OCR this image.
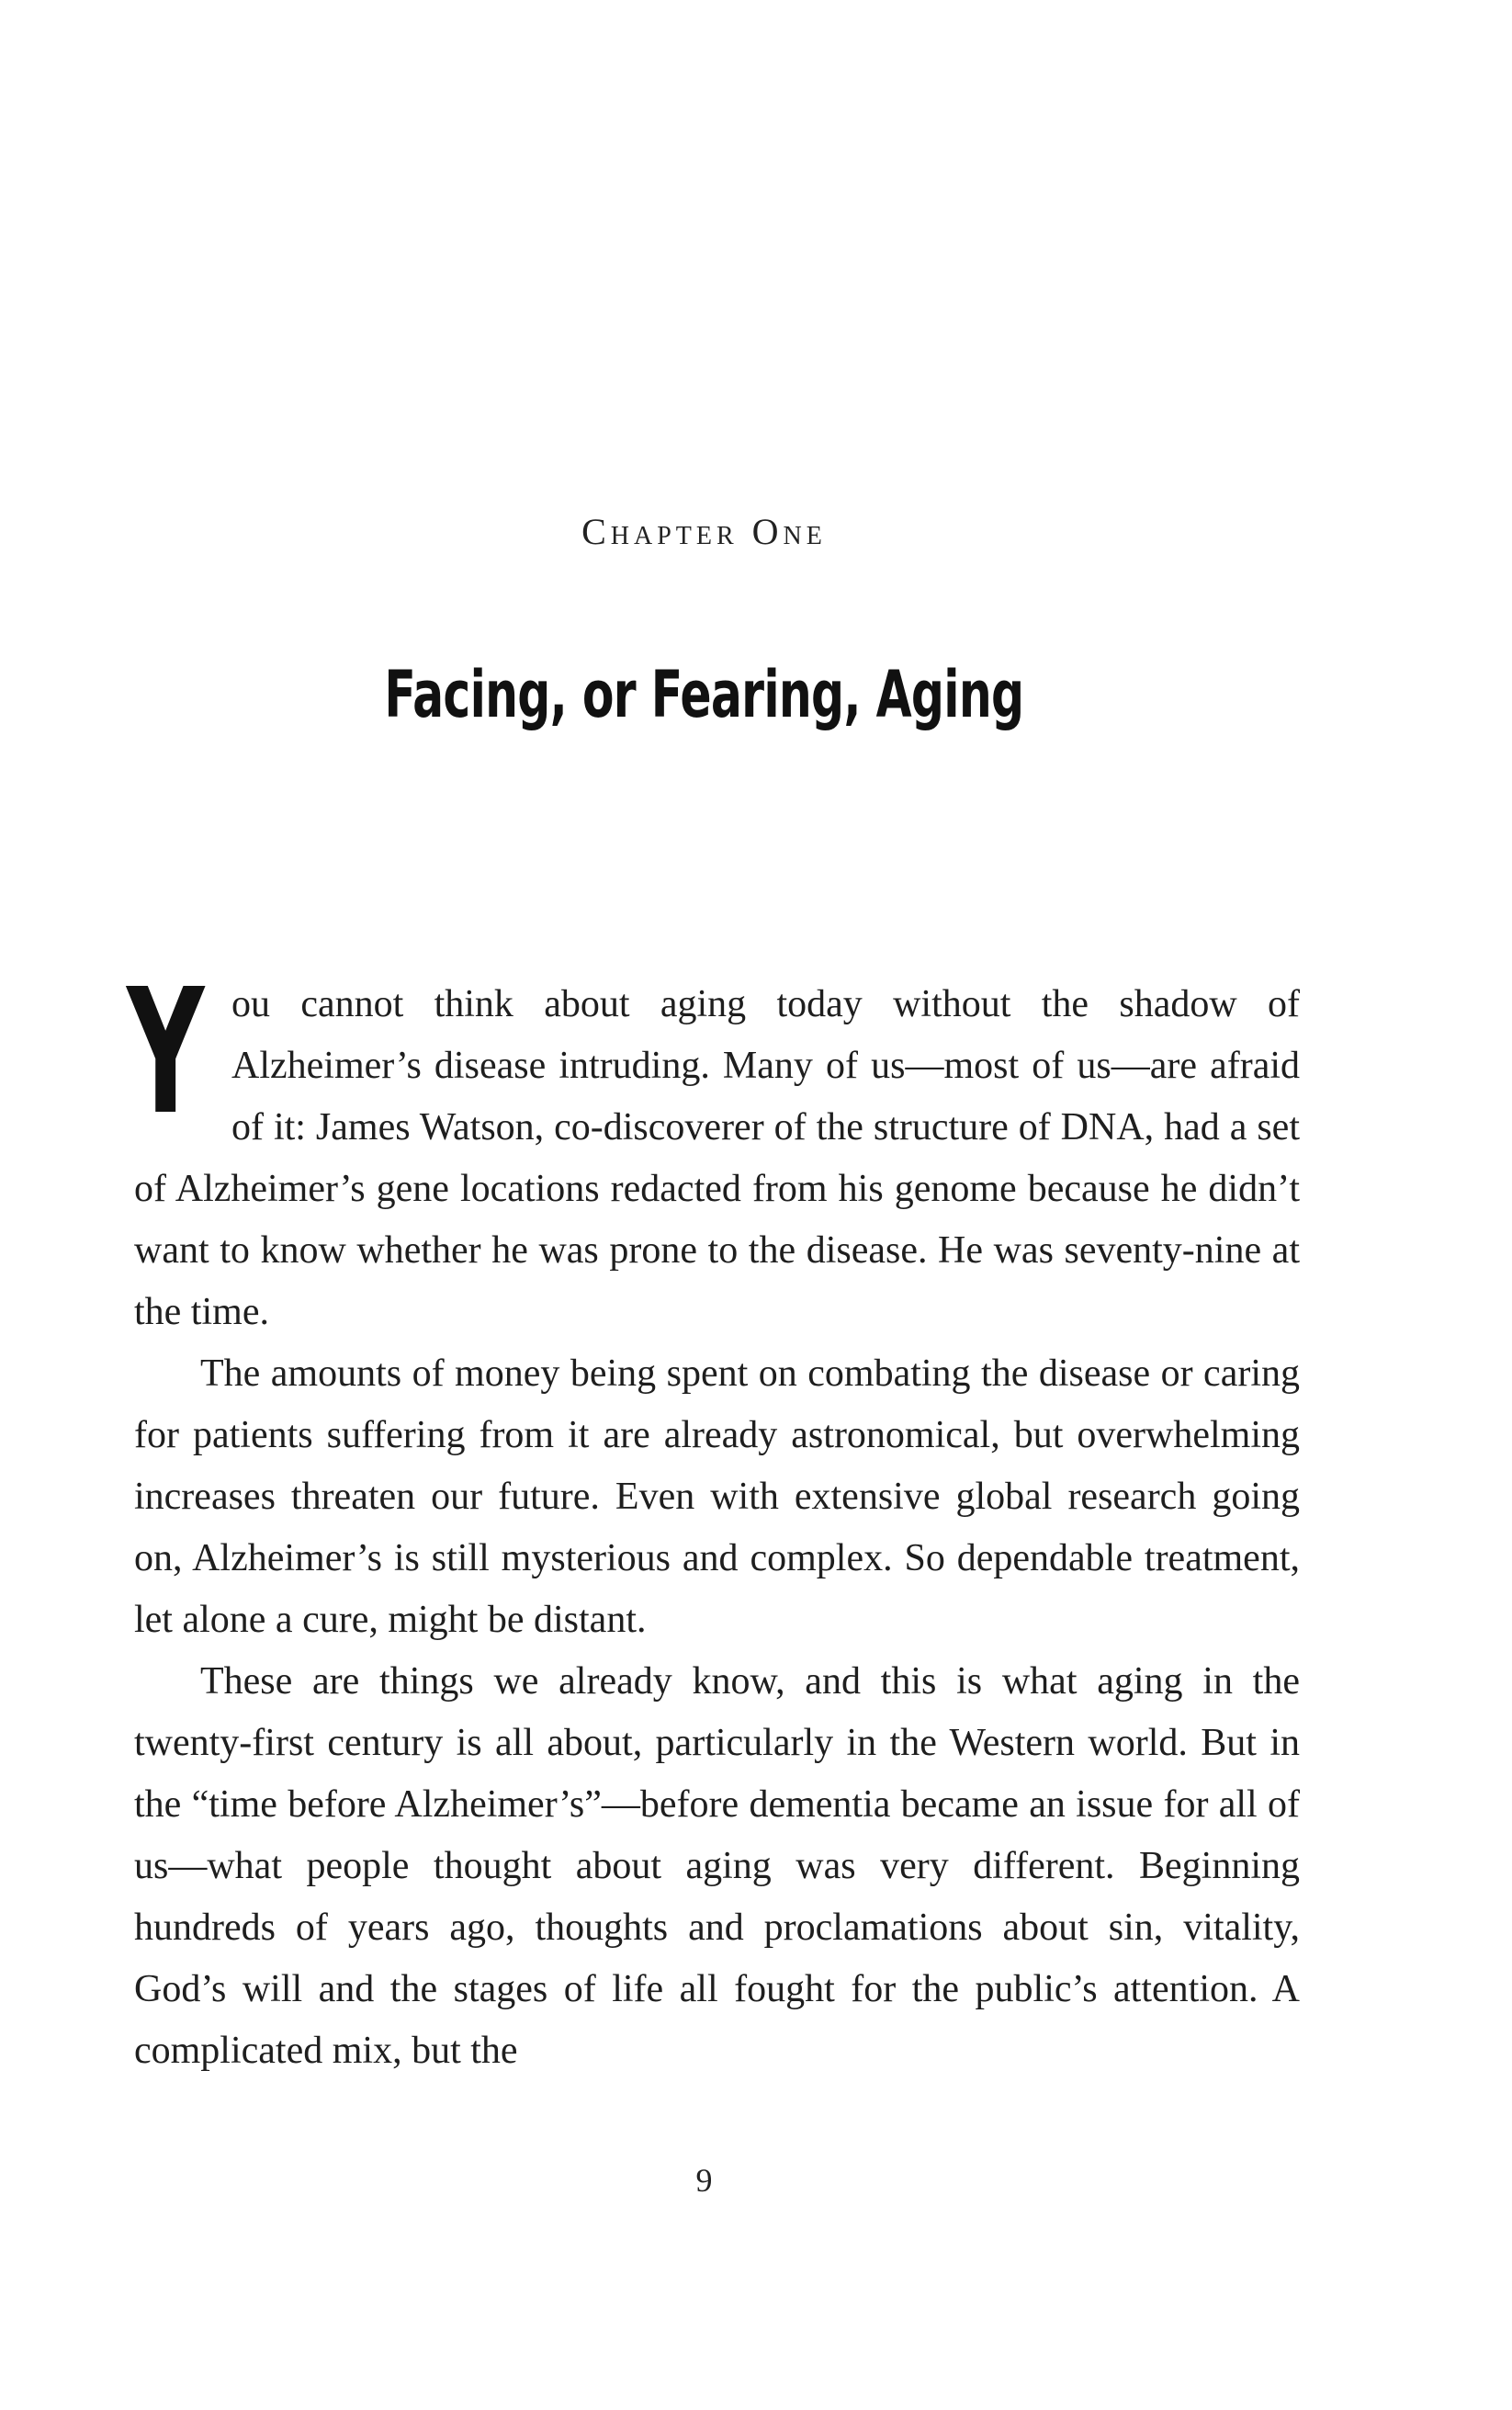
Chapter One
Facing, or Fearing, Aging

You cannot think about aging today without the shadow of Alzheimer’s disease intruding. Many of us—most of us—are afraid of it: James Watson, co-discoverer of the structure of DNA, had a set of Alzheimer’s gene locations redacted from his genome because he didn’t want to know whether he was prone to the disease. He was seventy-nine at the time.

The amounts of money being spent on combating the disease or caring for patients suffering from it are already astronomical, but overwhelming increases threaten our future. Even with extensive global research going on, Alzheimer’s is still mysterious and complex. So dependable treatment, let alone a cure, might be distant.

These are things we already know, and this is what aging in the twenty-first century is all about, particularly in the Western world. But in the “time before Alzheimer’s”—before dementia became an issue for all of us—what people thought about aging was very different. Beginning hundreds of years ago, thoughts and proclamations about sin, vitality, God’s will and the stages of life all fought for the public’s attention. A complicated mix, but the

9
